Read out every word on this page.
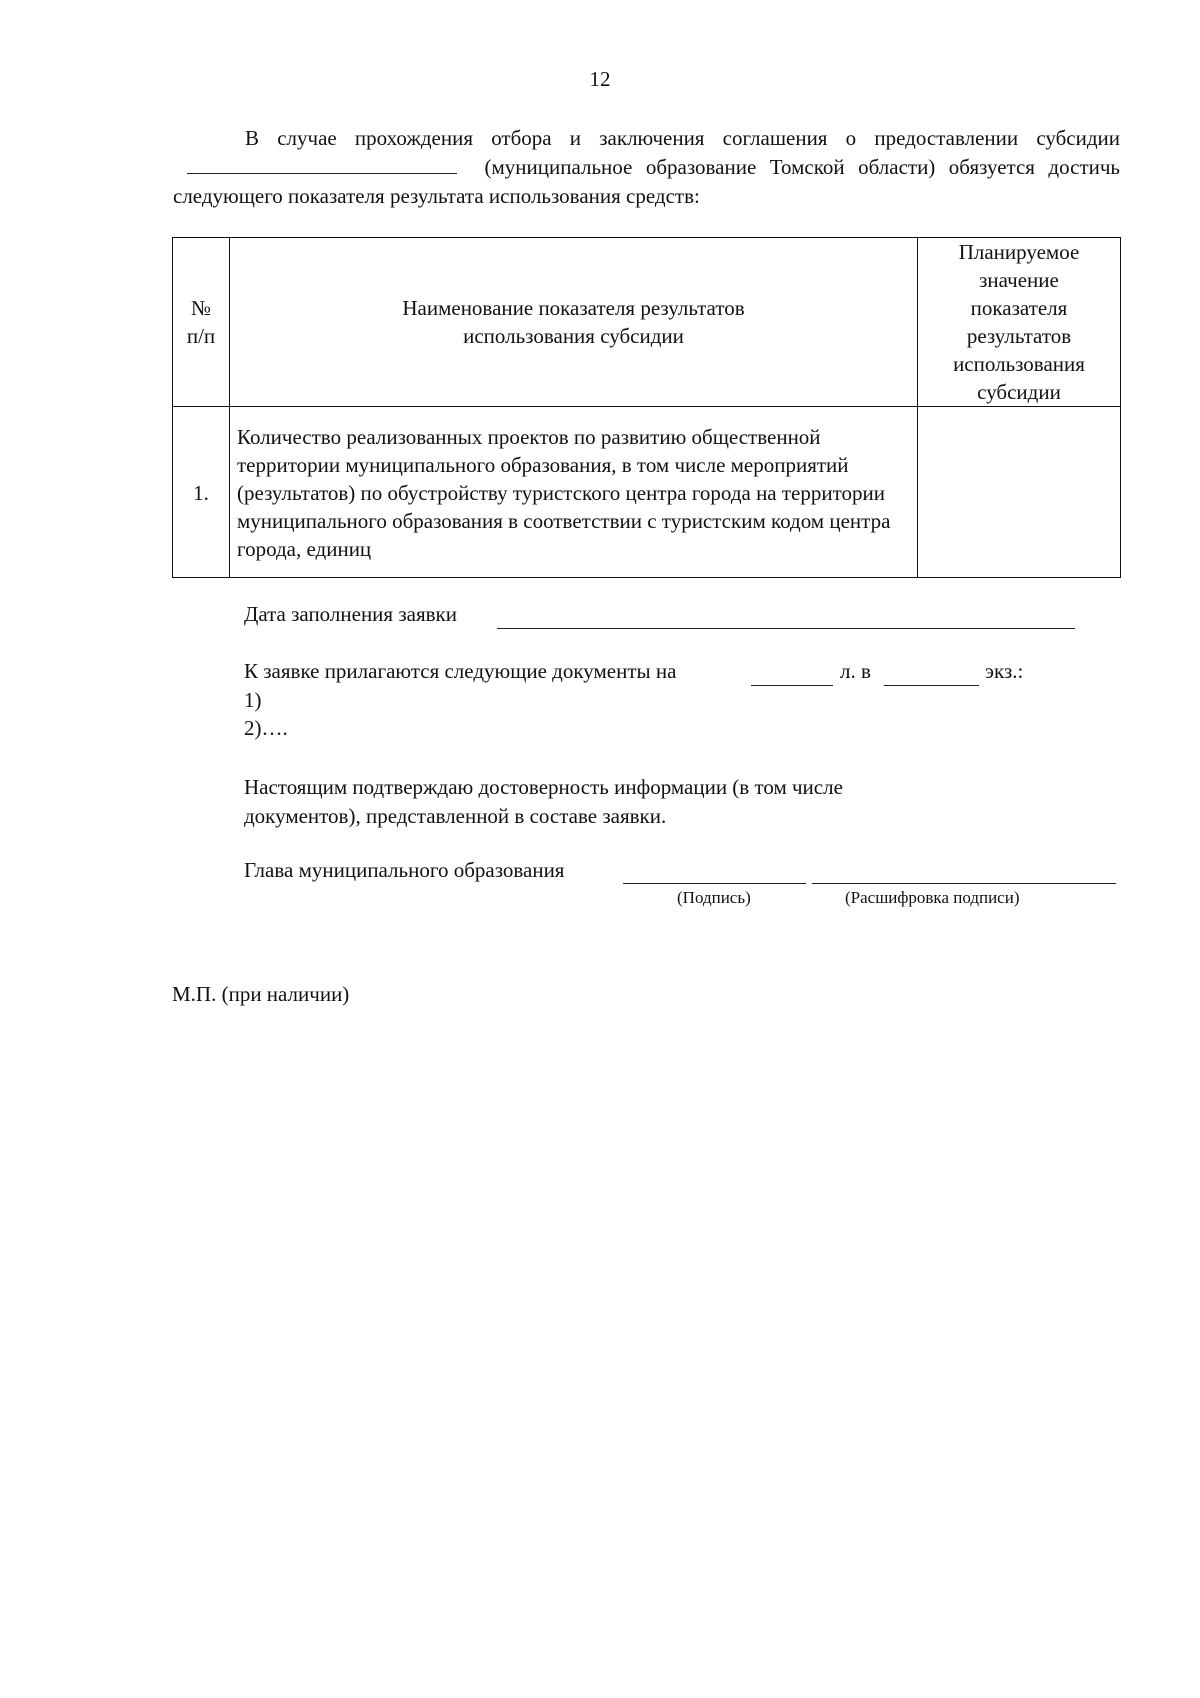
12

В случае прохождения отбора и заключения соглашения о предоставлении субсидии  (муниципальное образование Томской области) обязуется достичь следующего показателя результата использования средств:

№ п/п	Наименование показателя результатов использования субсидии	Планируемое значение показателя результатов использования субсидии

1.	Количество реализованных проектов по развитию общественной территории муниципального образования, в том числе мероприятий (результатов) по обустройству туристского центра города на территории муниципального образования в соответствии с туристским кодом центра города, единиц	

Дата заполнения заявки
К заявке прилагаются следующие документы на	л. в	экз.:
1)
2)….
Настоящим подтверждаю достоверность информации (в том числе документов), представленной в составе заявки.
Глава муниципального образования
(Подпись)	(Расшифровка подписи)
М.П. (при наличии)
